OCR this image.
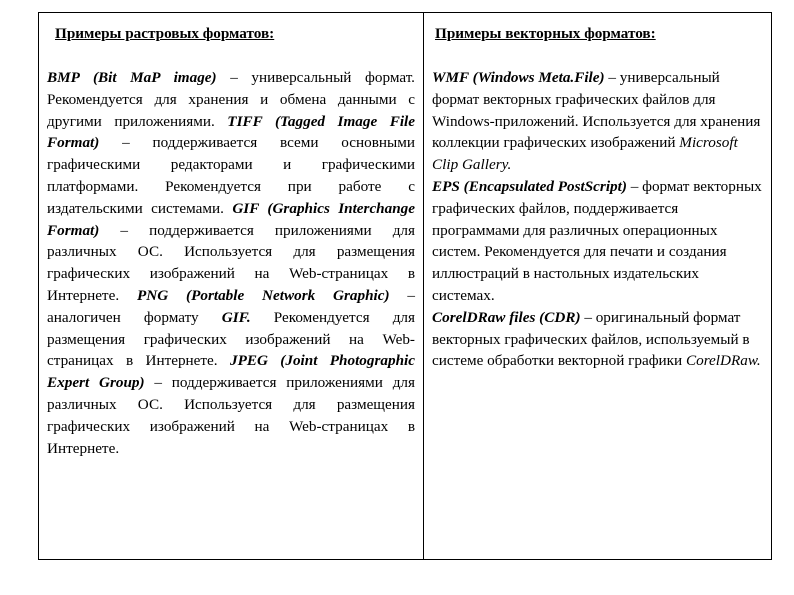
Примеры растровых форматов:
BMP (Bit MaP image) – универсальный формат. Рекомендуется для хранения и обмена данными с другими приложениями. TIFF (Tagged Image File Format) – поддерживается всеми основными графическими редакторами и графическими платформами. Рекомендуется при работе с издательскими системами. GIF (Graphics Interchange Format) – поддерживается приложениями для различных ОС. Используется для размещения графических изображений на Web-страницах в Интернете. PNG (Portable Network Graphic) – аналогичен формату GIF. Рекомендуется для размещения графических изображений на Web-страницах в Интернете. JPEG (Joint Photographic Expert Group) – поддерживается приложениями для различных ОС. Используется для размещения графических изображений на Web-страницах в Интернете.
Примеры векторных форматов:
WMF (Windows Meta.File) – универсальный формат векторных графических файлов для Windows-приложений. Используется для хранения коллекции графических изображений Microsoft Clip Gallery.
EPS (Encapsulated PostScript) – формат векторных графических файлов, поддерживается программами для различных операционных систем. Рекомендуется для печати и создания иллюстраций в настольных издательских системах.
CorelDRaw files (CDR) – оригинальный формат векторных графических файлов, используемый в системе обработки векторной графики CorelDRaw.
